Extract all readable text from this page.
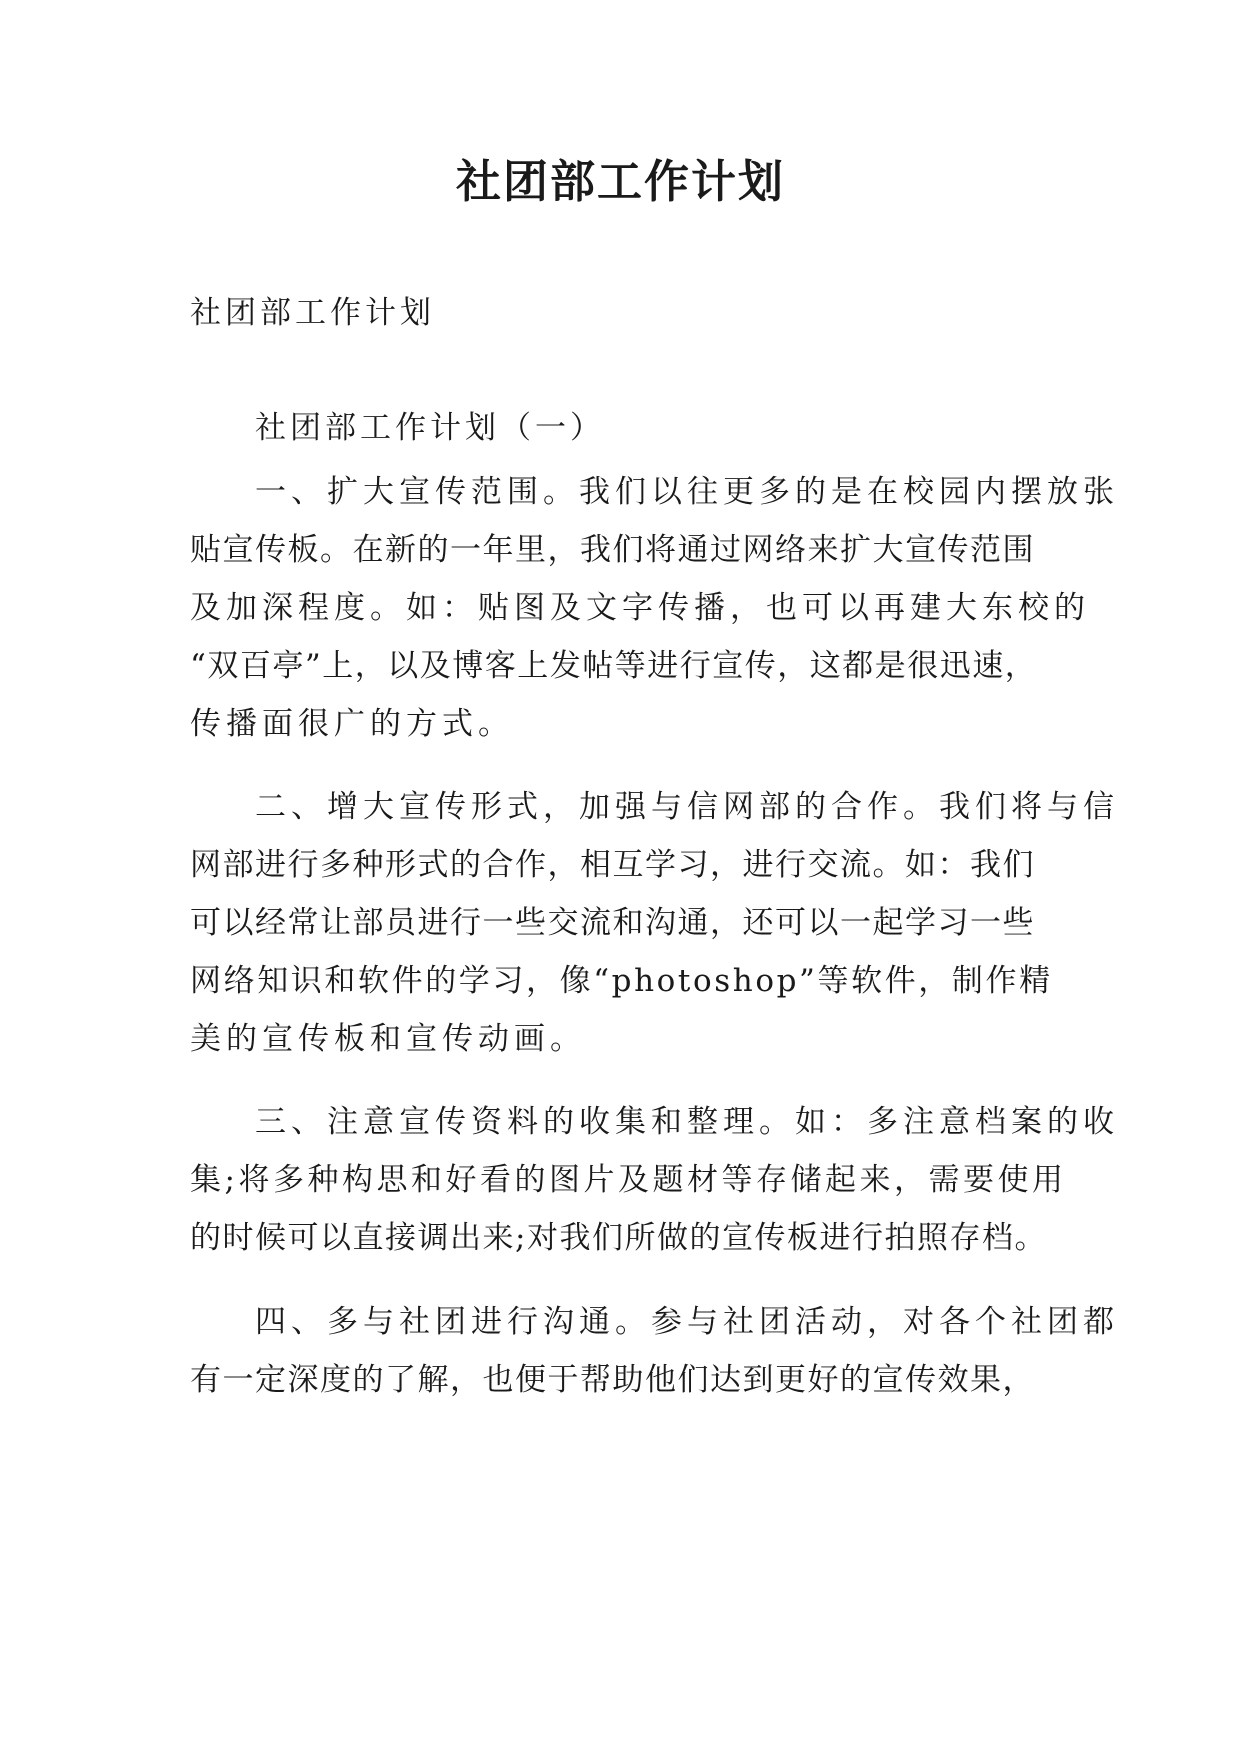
社团部工作计划
社团部工作计划
社团部工作计划（一）
一、扩大宣传范围。我们以往更多的是在校园内摆放张
贴宣传板。在新的一年里，我们将通过网络来扩大宣传范围
及加深程度。如：贴图及文字传播，也可以再建大东校的
“双百亭”上，以及博客上发帖等进行宣传，这都是很迅速，
传播面很广的方式。
二、增大宣传形式，加强与信网部的合作。我们将与信
网部进行多种形式的合作，相互学习，进行交流。如：我们
可以经常让部员进行一些交流和沟通，还可以一起学习一些
网络知识和软件的学习，像“photoshop”等软件，制作精
美的宣传板和宣传动画。
三、注意宣传资料的收集和整理。如：多注意档案的收
集;将多种构思和好看的图片及题材等存储起来，需要使用
的时候可以直接调出来;对我们所做的宣传板进行拍照存档。
四、多与社团进行沟通。参与社团活动，对各个社团都
有一定深度的了解，也便于帮助他们达到更好的宣传效果，
